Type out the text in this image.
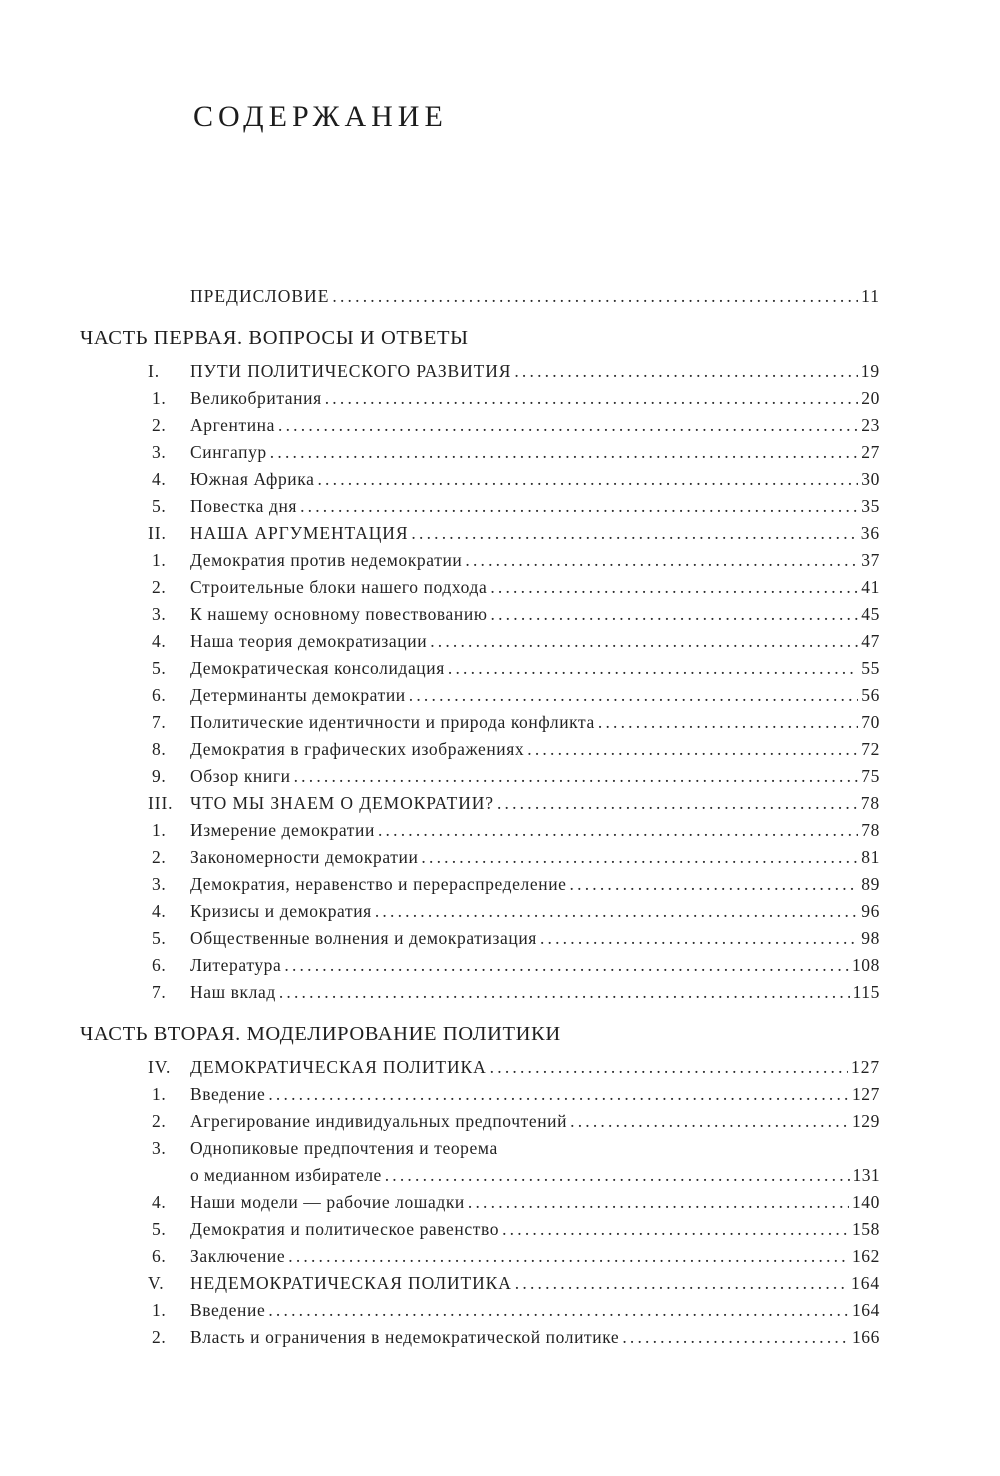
СОДЕРЖАНИЕ
ПРЕДИСЛОВИЕ .....	11
ЧАСТЬ ПЕРВАЯ. ВОПРОСЫ И ОТВЕТЫ
I.	ПУТИ ПОЛИТИЧЕСКОГО РАЗВИТИЯ .....	19
1.	Великобритания .....	20
2.	Аргентина .....	23
3.	Сингапур .....	27
4.	Южная Африка .....	30
5.	Повестка дня .....	35
II.	НАША АРГУМЕНТАЦИЯ .....	36
1.	Демократия против недемократии .....	37
2.	Строительные блоки нашего подхода .....	41
3.	К нашему основному повествованию .....	45
4.	Наша теория демократизации .....	47
5.	Демократическая консолидация .....	55
6.	Детерминанты демократии .....	56
7.	Политические идентичности и природа конфликта .....	70
8.	Демократия в графических изображениях .....	72
9.	Обзор книги .....	75
III. ЧТО МЫ ЗНАЕМ О ДЕМОКРАТИИ? .....	78
1.	Измерение демократии .....	78
2.	Закономерности демократии .....	81
3.	Демократия, неравенство и перераспределение .....	89
4.	Кризисы и демократия .....	96
5.	Общественные волнения и демократизация .....	98
6.	Литература .....	108
7.	Наш вклад .....	115
ЧАСТЬ ВТОРАЯ. МОДЕЛИРОВАНИЕ ПОЛИТИКИ
IV.	ДЕМОКРАТИЧЕСКАЯ ПОЛИТИКА .....	127
1.	Введение .....	127
2.	Агрегирование индивидуальных предпочтений .....	129
3.	Однопиковые предпочтения и теорема
о медианном избирателе .....	131
4.	Наши модели — рабочие лошадки .....	140
5.	Демократия и политическое равенство .....	158
6.	Заключение .....	162
V.	НЕДЕМОКРАТИЧЕСКАЯ ПОЛИТИКА .....	164
1.	Введение .....	164
2.	Власть и ограничения в недемократической политике .....	166
